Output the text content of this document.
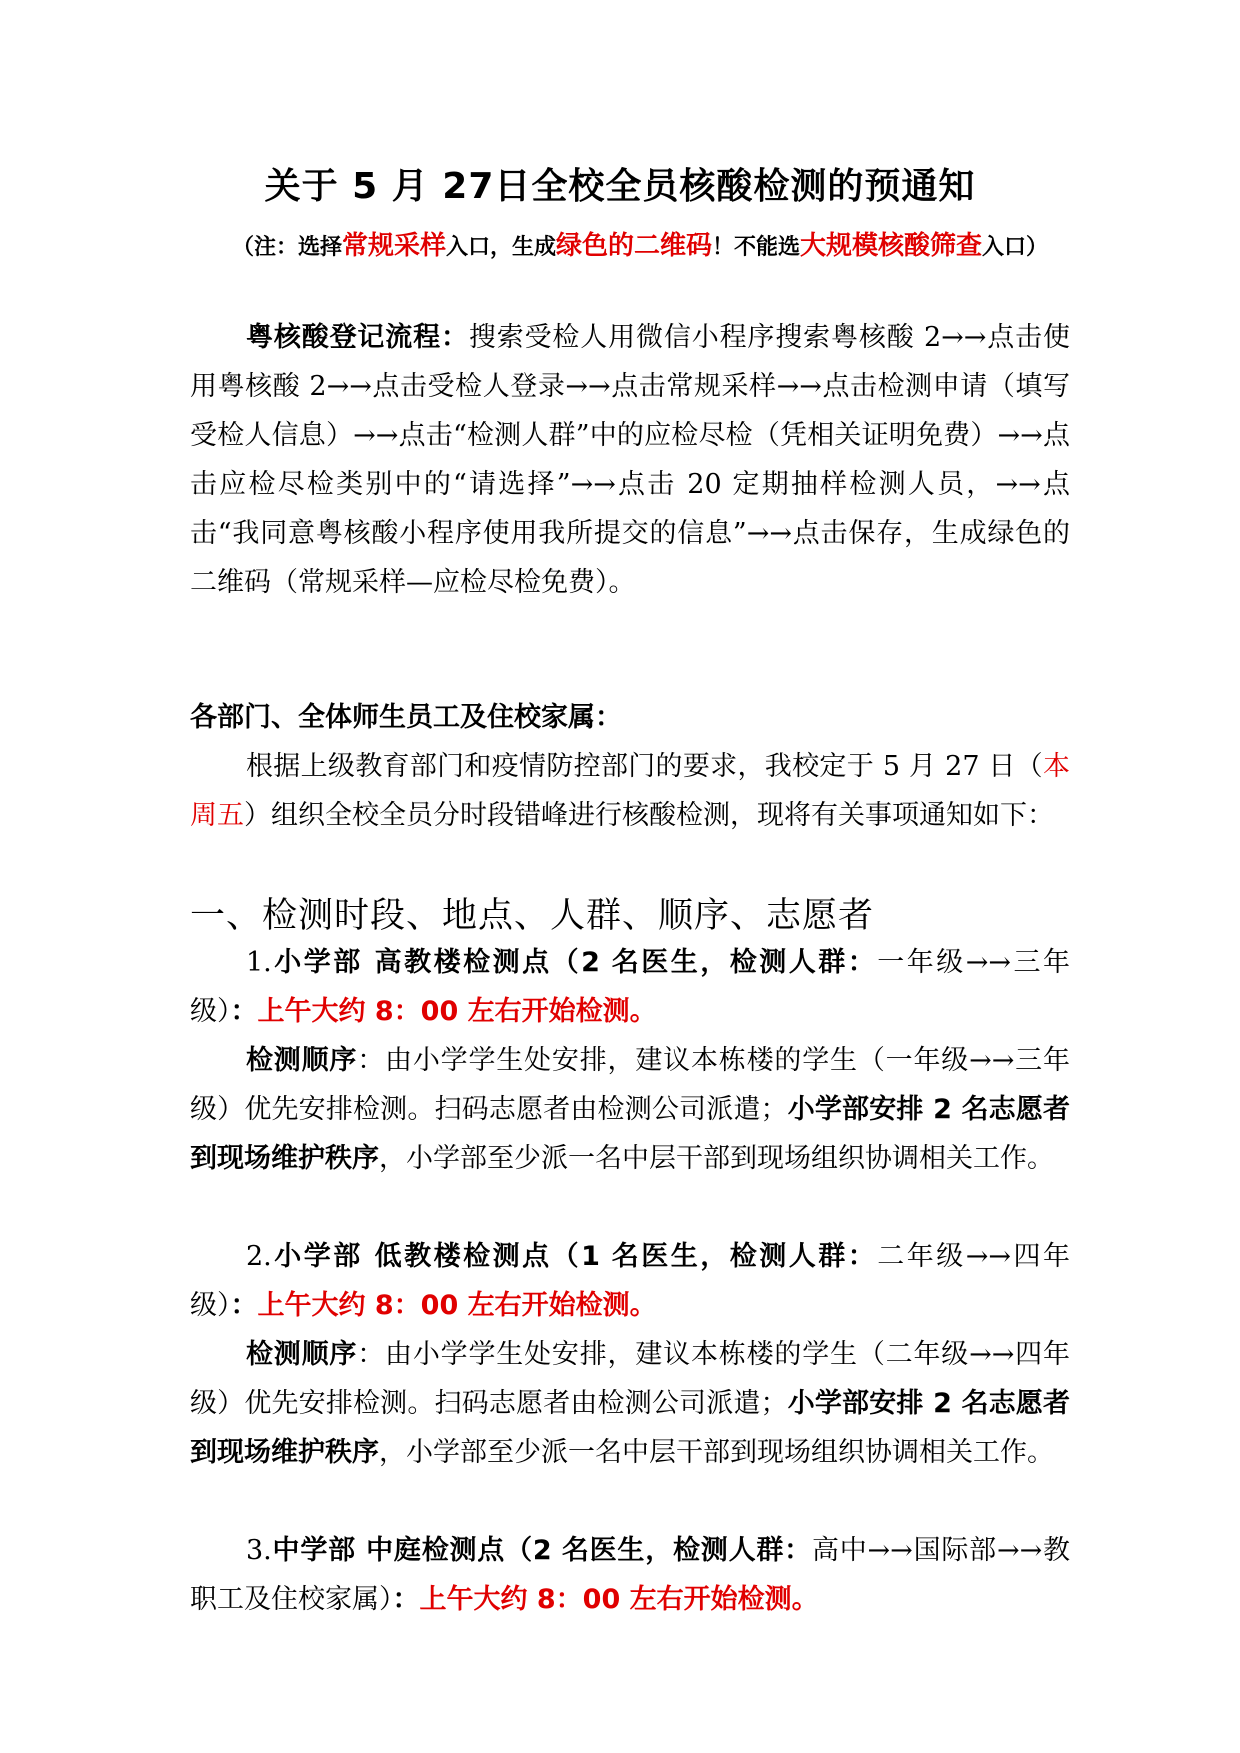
关于 5 月 27日全校全员核酸检测的预通知
（注：选择常规采样入口，生成绿色的二维码！不能选大规模核酸筛查入口）

粤核酸登记流程：搜索受检人用微信小程序搜索粤核酸 2→→点击使用粤核酸 2→→点击受检人登录→→点击常规采样→→点击检测申请（填写受检人信息）→→点击“检测人群”中的应检尽检（凭相关证明免费）→→点击应检尽检类别中的“请选择”→→点击 20 定期抽样检测人员，→→点击“我同意粤核酸小程序使用我所提交的信息”→→点击保存，生成绿色的二维码（常规采样—应检尽检免费）。

各部门、全体师生员工及住校家属：

根据上级教育部门和疫情防控部门的要求，我校定于 5 月 27 日（本周五）组织全校全员分时段错峰进行核酸检测，现将有关事项通知如下：

一、检测时段、地点、人群、顺序、志愿者

1.小学部 高教楼检测点（2 名医生，检测人群：一年级→→三年级）：上午大约 8：00 左右开始检测。

检测顺序：由小学学生处安排，建议本栋楼的学生（一年级→→三年级）优先安排检测。扫码志愿者由检测公司派遣；小学部安排 2 名志愿者到现场维护秩序，小学部至少派一名中层干部到现场组织协调相关工作。

2.小学部 低教楼检测点（1 名医生，检测人群：二年级→→四年级）：上午大约 8：00 左右开始检测。

检测顺序：由小学学生处安排，建议本栋楼的学生（二年级→→四年级）优先安排检测。扫码志愿者由检测公司派遣；小学部安排 2 名志愿者到现场维护秩序，小学部至少派一名中层干部到现场组织协调相关工作。

3.中学部 中庭检测点（2 名医生，检测人群：高中→→国际部→→教职工及住校家属）：上午大约 8：00 左右开始检测。
